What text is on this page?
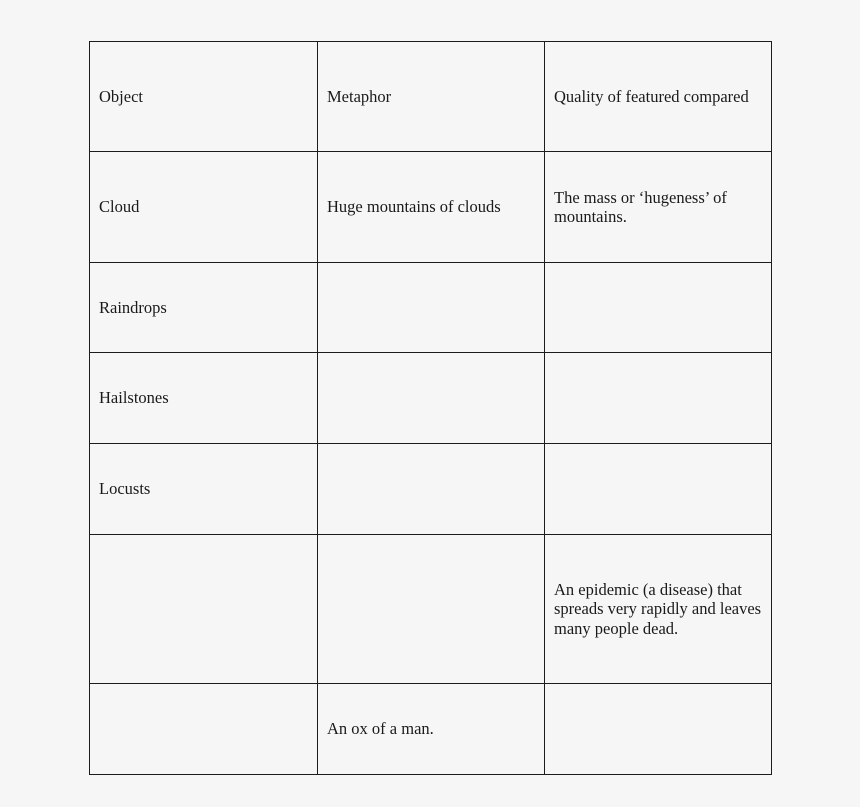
Object	Metaphor	Quality of featured compared

Cloud	Huge mountains of clouds	The mass or ‘hugeness’ of mountains.

Raindrops		

Hailstones		

Locusts		

		An epidemic (a disease) that spreads very rapidly and leaves many people dead.

	An ox of a man.	
